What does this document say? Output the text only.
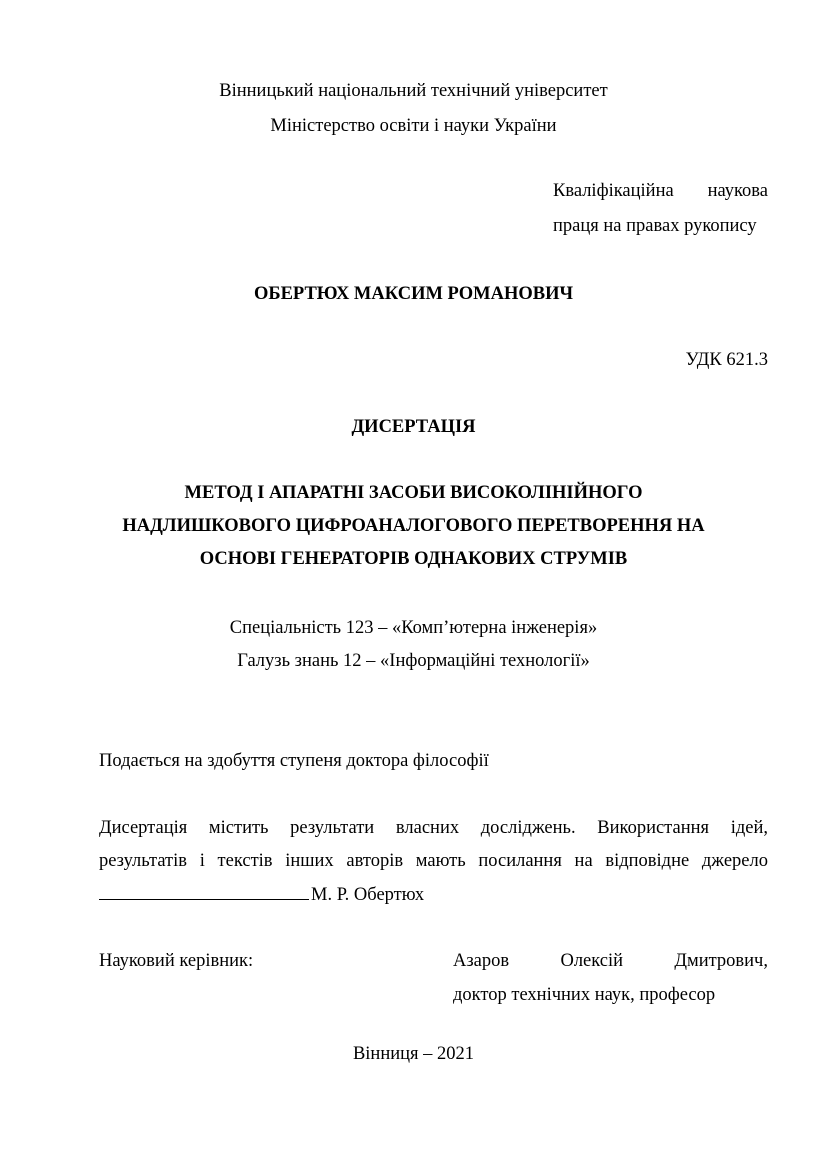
Вінницький національний технічний університет
Міністерство освіти і науки України
Кваліфікаційна наукова
праця на правах рукопису
ОБЕРТЮХ МАКСИМ РОМАНОВИЧ
УДК 621.3
ДИСЕРТАЦІЯ
МЕТОД І АПАРАТНІ ЗАСОБИ ВИСОКОЛІНІЙНОГО
НАДЛИШКОВОГО ЦИФРОАНАЛОГОВОГО ПЕРЕТВОРЕННЯ НА
ОСНОВІ ГЕНЕРАТОРІВ ОДНАКОВИХ СТРУМІВ
Спеціальність 123 – «Комп’ютерна інженерія»
Галузь знань 12 – «Інформаційні технології»
Подається на здобуття ступеня доктора філософії
Дисертація містить результати власних досліджень. Використання ідей,
результатів і текстів інших авторів мають посилання на відповідне джерело
М. Р. Обертюх
Науковий керівник:	Азаров	Олексій	Дмитрович,
доктор технічних наук, професор
Вінниця – 2021
